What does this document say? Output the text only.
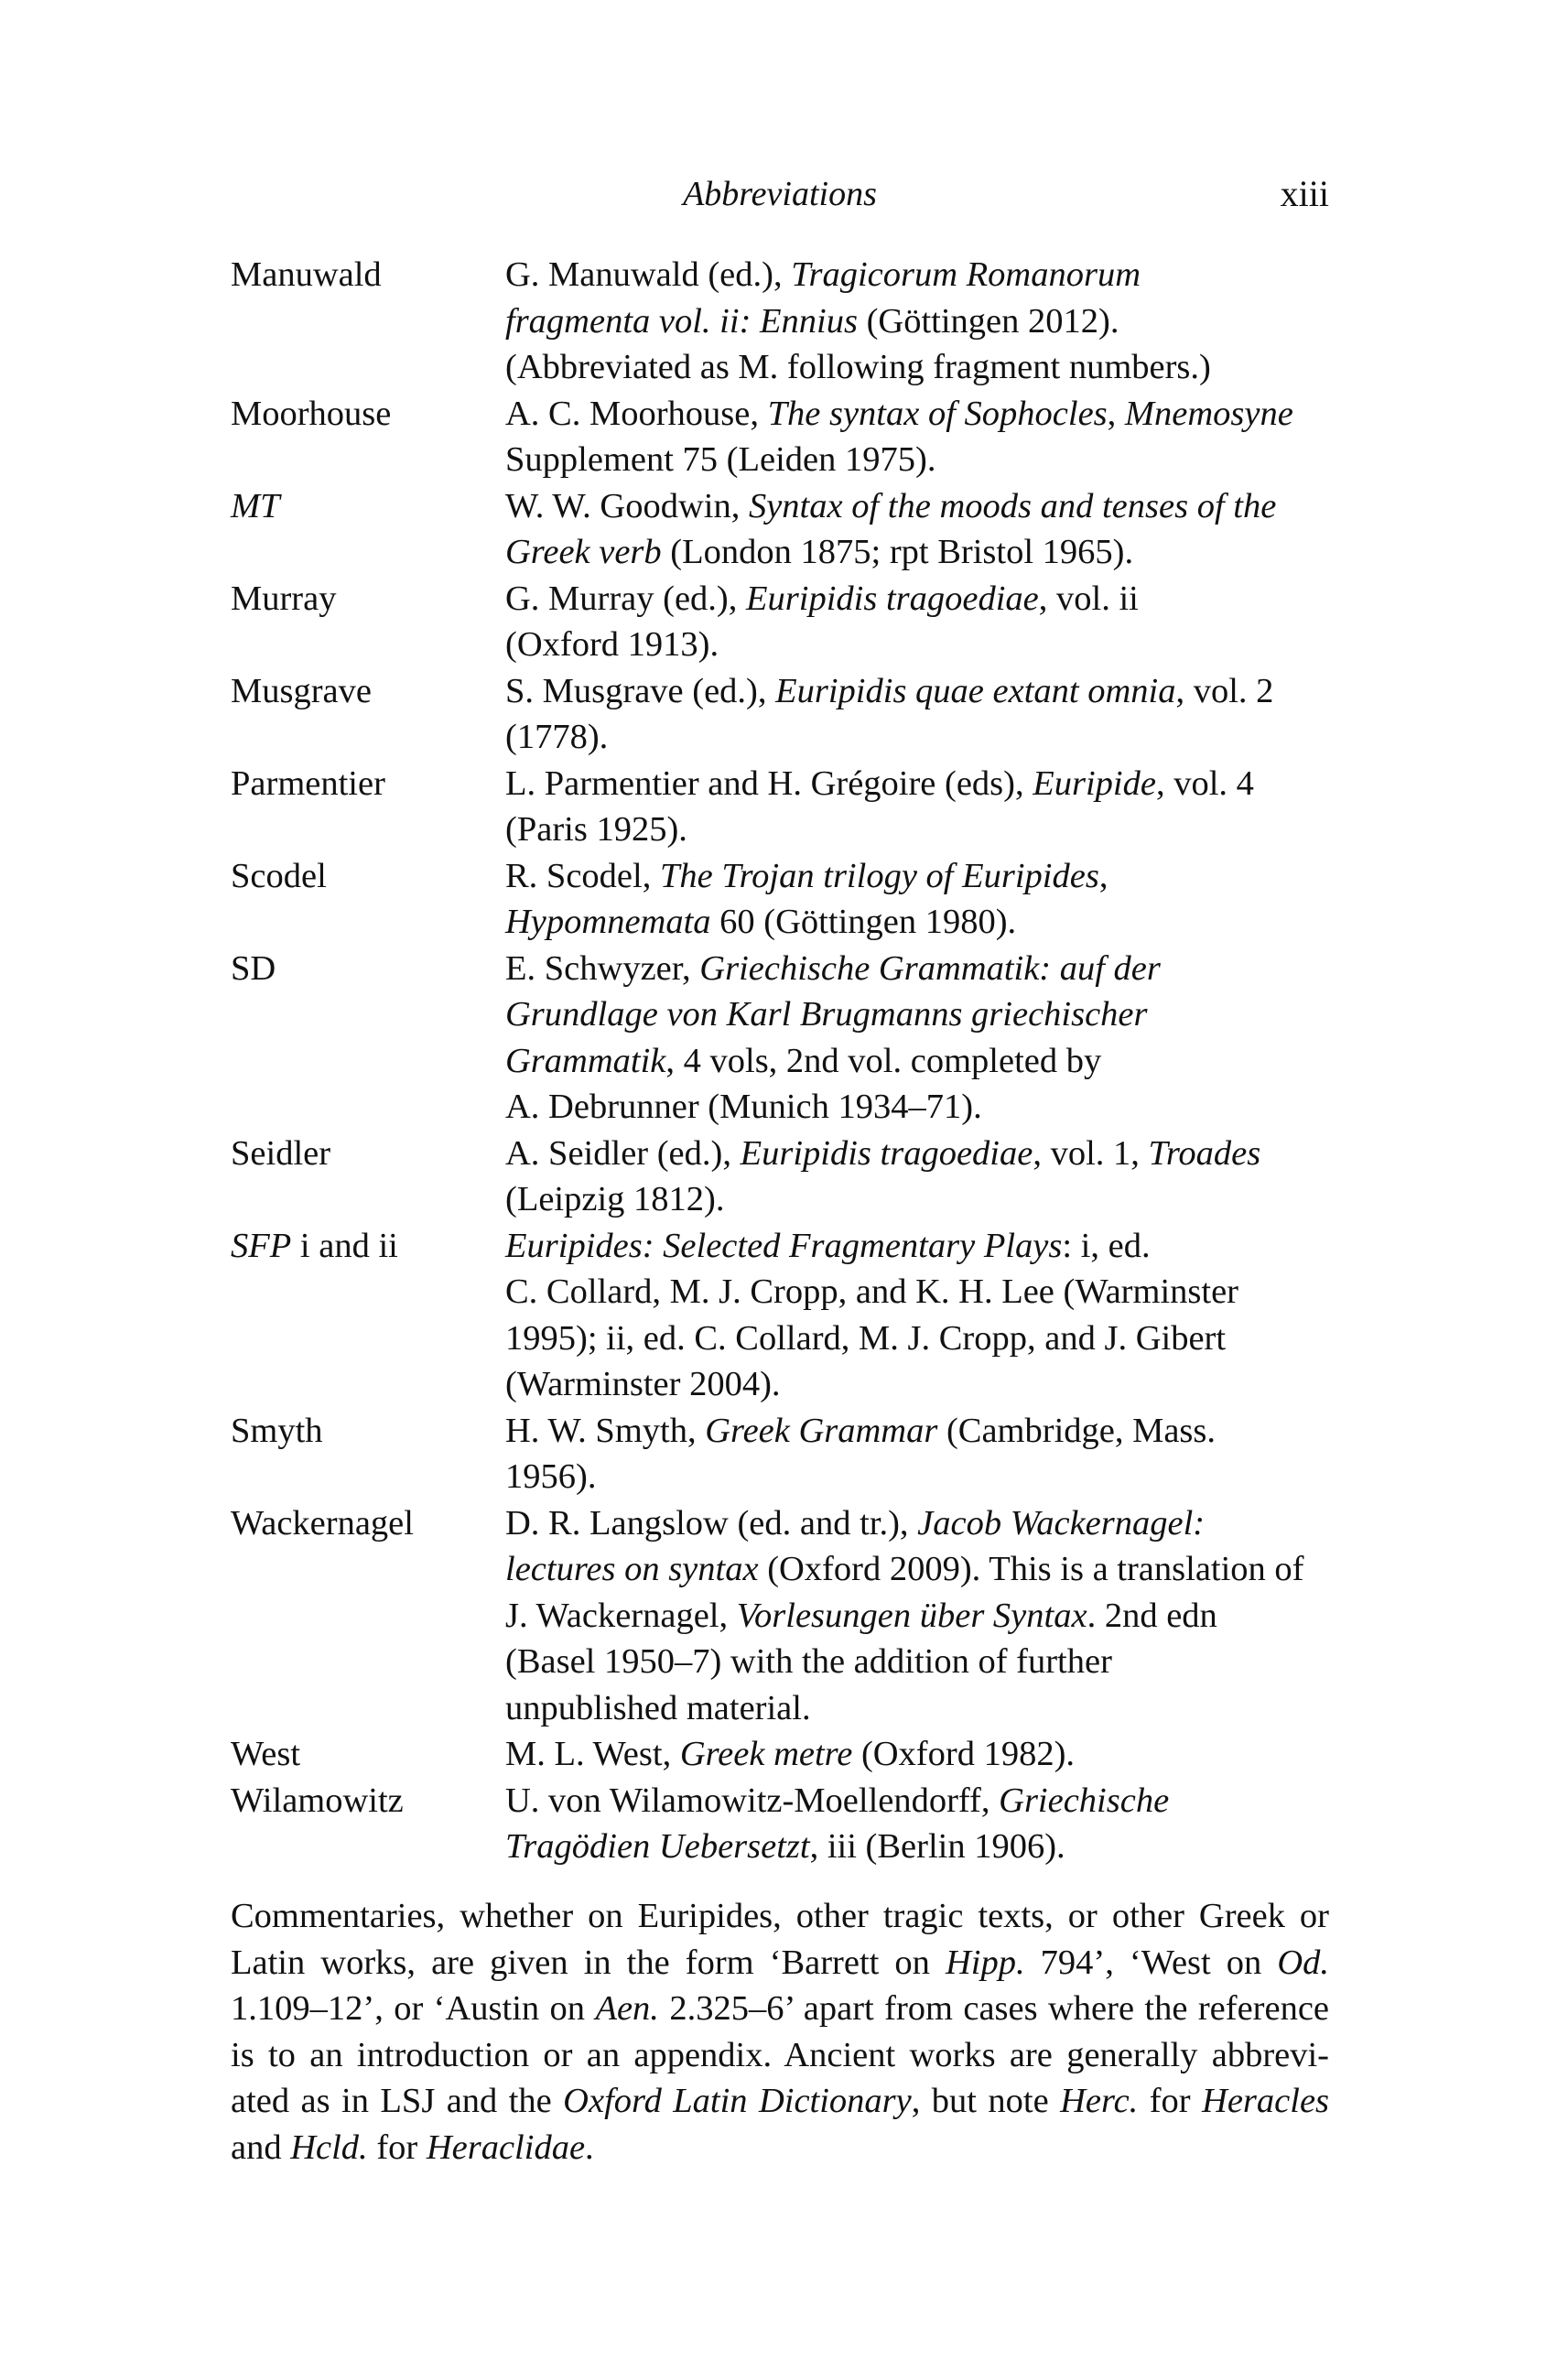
Abbreviations	xiii
Manuwald	G. Manuwald (ed.), Tragicorum Romanorum
fragmenta vol. ii: Ennius (Göttingen 2012).
(Abbreviated as M. following fragment numbers.)
Moorhouse	A. C. Moorhouse, The syntax of Sophocles, Mnemosyne
Supplement 75 (Leiden 1975).
MT	W. W. Goodwin, Syntax of the moods and tenses of the
Greek verb (London 1875; rpt Bristol 1965).
Murray	G. Murray (ed.), Euripidis tragoediae, vol. ii
(Oxford 1913).
Musgrave	S. Musgrave (ed.), Euripidis quae extant omnia, vol. 2
(1778).
Parmentier	L. Parmentier and H. Grégoire (eds), Euripide, vol. 4
(Paris 1925).
Scodel	R. Scodel, The Trojan trilogy of Euripides,
Hypomnemata 60 (Göttingen 1980).
SD	E. Schwyzer, Griechische Grammatik: auf der
Grundlage von Karl Brugmanns griechischer
Grammatik, 4 vols, 2nd vol. completed by
A. Debrunner (Munich 1934–71).
Seidler	A. Seidler (ed.), Euripidis tragoediae, vol. 1, Troades
(Leipzig 1812).
SFP i and ii	Euripides: Selected Fragmentary Plays: i, ed.
C. Collard, M. J. Cropp, and K. H. Lee (Warminster
1995); ii, ed. C. Collard, M. J. Cropp, and J. Gibert
(Warminster 2004).
Smyth	H. W. Smyth, Greek Grammar (Cambridge, Mass.
1956).
Wackernagel	D. R. Langslow (ed. and tr.), Jacob Wackernagel:
lectures on syntax (Oxford 2009). This is a translation of
J. Wackernagel, Vorlesungen über Syntax. 2nd edn
(Basel 1950–7) with the addition of further
unpublished material.
West	M. L. West, Greek metre (Oxford 1982).
Wilamowitz	U. von Wilamowitz-Moellendorff, Griechische
Tragödien Uebersetzt, iii (Berlin 1906).
Commentaries, whether on Euripides, other tragic texts, or other Greek or
Latin works, are given in the form ‘Barrett on Hipp. 794’, ‘West on Od.
1.109–12’, or ‘Austin on Aen. 2.325–6’ apart from cases where the reference
is to an introduction or an appendix. Ancient works are generally abbrevi-
ated as in LSJ and the Oxford Latin Dictionary, but note Herc. for Heracles
and Hcld. for Heraclidae.
